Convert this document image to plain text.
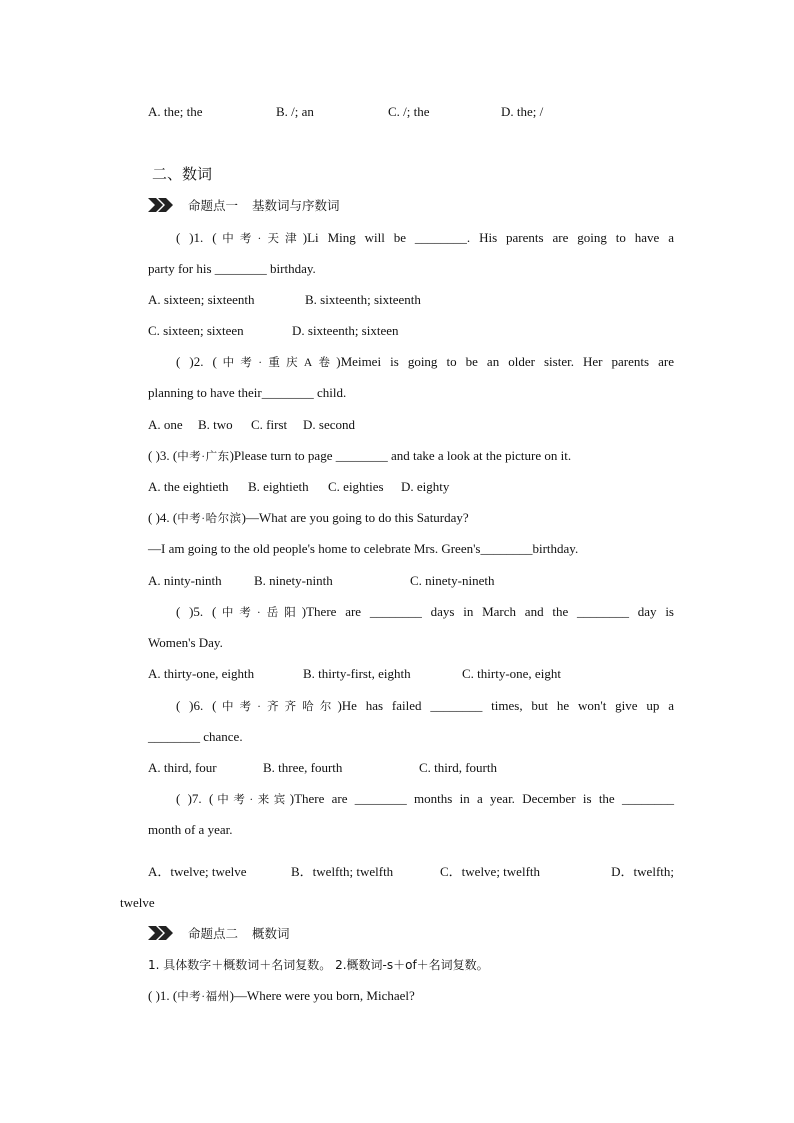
A. the; the	B. /; an	C. /; the	D. the; /
二、数词
命题点一 基数词与序数词
( )1. (中考·天津)Li Ming will be ________. His parents are going to have a
party for his ________ birthday.
A. sixteen; sixteenth	B. sixteenth; sixteenth
C. sixteen; sixteen	D. sixteenth; sixteen
( )2. (中考·重庆A卷)Meimei is going to be an older sister. Her parents are
planning to have their________ child.
A. one B. two C. first D. second
( )3. (中考·广东)Please turn to page ________ and take a look at the picture on it.
A. the eightieth B. eightieth C. eighties D. eighty
( )4. (中考·哈尔滨)—What are you going to do this Saturday?
—I am going to the old people's home to celebrate Mrs. Green's________birthday.
A. ninty-ninth B. ninety-ninth	C. ninety-nineth
( )5. (中考·岳阳)There are ________ days in March and the ________ day is
Women's Day.
A. thirty-one, eighth	B. thirty-first, eighth	C. thirty-one, eight
( )6. (中考·齐齐哈尔)He has failed ________ times, but he won't give up a
________ chance.
A. third, four	B. three, fourth	C. third, fourth
( )7. (中考·来宾)There are ________ months in a year. December is the ________
month of a year.
A．twelve; twelve	B．twelfth; twelfth	C．twelve; twelfth	D．twelfth;
twelve
命题点二 概数词
1. 具体数字＋概数词＋名词复数。 2.概数词-s＋of＋名词复数。
( )1. (中考·福州)—Where were you born, Michael?
